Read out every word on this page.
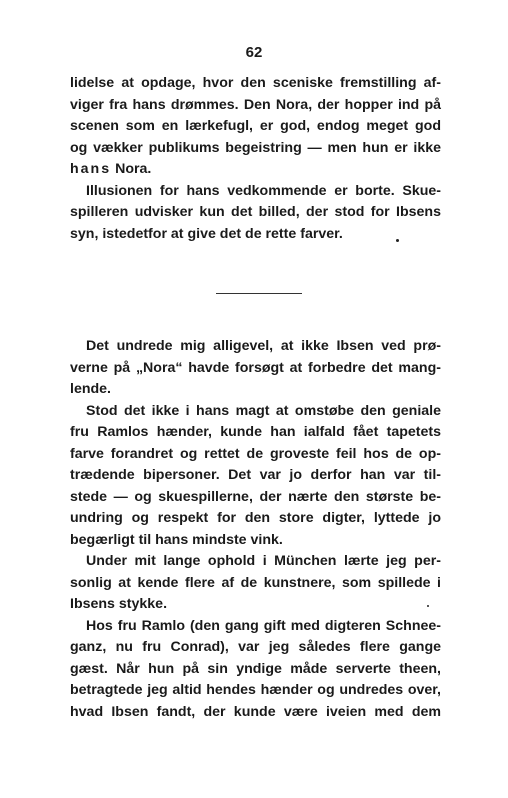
62
lidelse at opdage, hvor den sceniske fremstilling af-
viger fra hans drømmes. Den Nora, der hopper ind på
scenen som en lærkefugl, er god, endog meget god
og vækker publikums begeistring — men hun er ikke
hans Nora.
Illusionen for hans vedkommende er borte. Skue-
spilleren udvisker kun det billed, der stod for Ibsens
syn, istedetfor at give det de rette farver.
Det undrede mig alligevel, at ikke Ibsen ved prø-
verne på „Nora“ havde forsøgt at forbedre det mang-
lende.
Stod det ikke i hans magt at omstøbe den geniale
fru Ramlos hænder, kunde han ialfald fået tapetets
farve forandret og rettet de groveste feil hos de op-
trædende bipersoner. Det var jo derfor han var til-
stede — og skuespillerne, der nærte den største be-
undring og respekt for den store digter, lyttede jo
begærligt til hans mindste vink.
Under mit lange ophold i München lærte jeg per-
sonlig at kende flere af de kunstnere, som spillede i
Ibsens stykke.
Hos fru Ramlo (den gang gift med digteren Schnee-
ganz, nu fru Conrad), var jeg således flere gange
gæst. Når hun på sin yndige måde serverte theen,
betragtede jeg altid hendes hænder og undredes over,
hvad Ibsen fandt, der kunde være iveien med dem
